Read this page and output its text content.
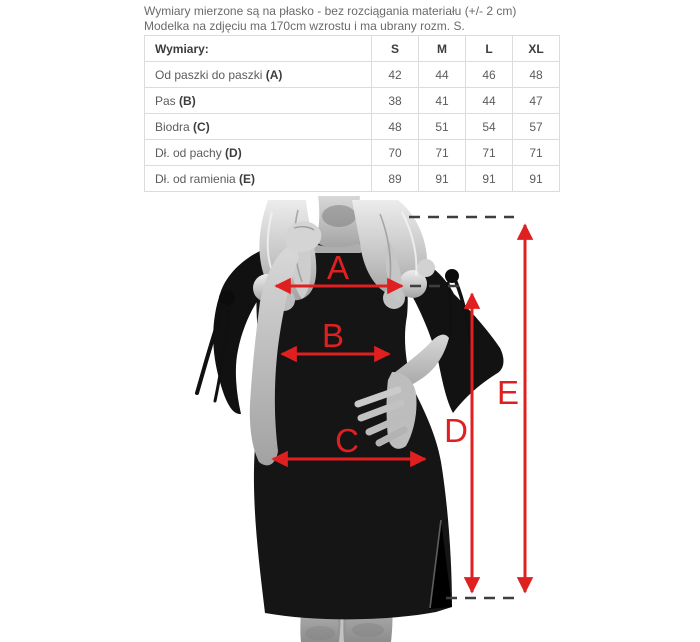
Wymiary mierzone są na płasko - bez rozciągania materiału (+/- 2 cm)
Modelka na zdjęciu ma 170cm wzrostu i ma ubrany rozm. S.
Wymiary:	S	M	L	XL
Od paszki do paszki (A)	42	44	46	48
Pas (B)	38	41	44	47
Biodra (C)	48	51	54	57
Dł. od pachy (D)	70	71	71	71
Dł. od ramienia (E)	89	91	91	91
A
B
C	D
E
